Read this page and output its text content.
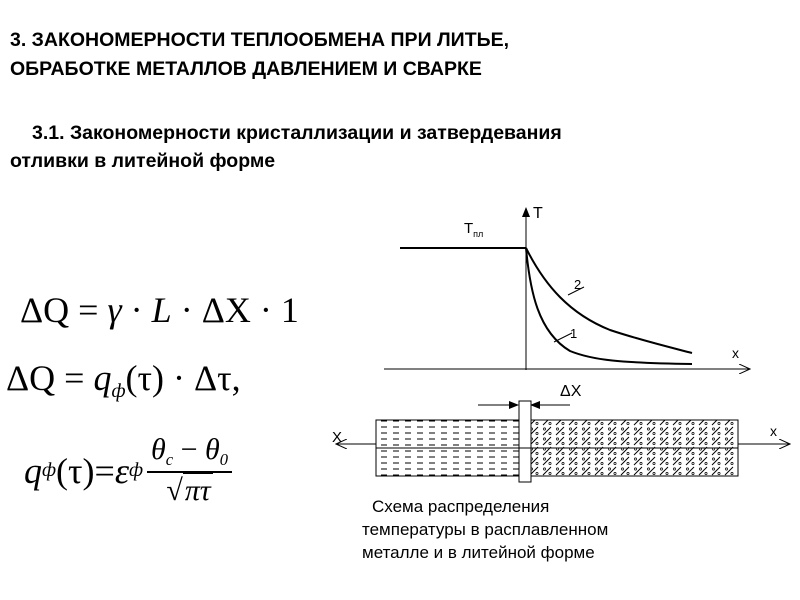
3. ЗАКОНОМЕРНОСТИ ТЕПЛООБМЕНА ПРИ ЛИТЬЕ,
ОБРАБОТКЕ МЕТАЛЛОВ ДАВЛЕНИЕМ И СВАРКЕ
3.1. Закономерности кристаллизации и затвердевания
отливки в литейной форме
ΔQ = γ · L · ΔX · 1
$\Delta Q = q_ф(\tau) \cdot \Delta\tau$,
q ф (τ) = ε ф $\frac{\theta_c - \theta_0}{√\pi\tau}$
T
$T_{пл}$
x
2
1
ΔX
X	x
Схема распределения
температуры в расплавленном
металле и в литейной форме
